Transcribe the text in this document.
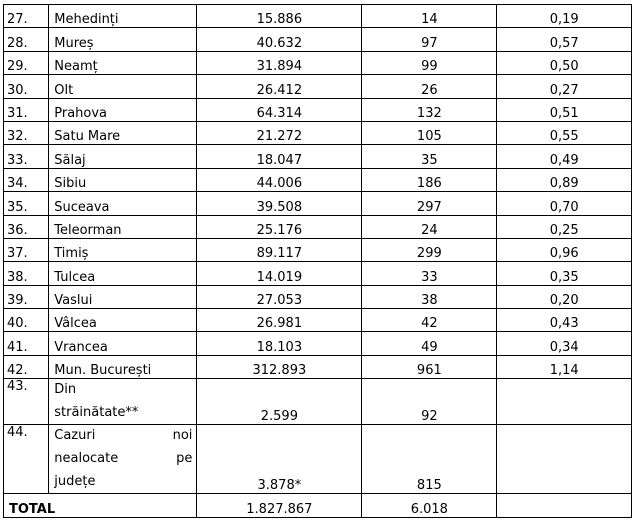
27.	Mehedinți	15.886	14	0,19
28.	Mureș	40.632	97	0,57
29.	Neamț	31.894	99	0,50
30.	Olt	26.412	26	0,27
31.	Prahova	64.314	132	0,51
32.	Satu Mare	21.272	105	0,55
33.	Sălaj	18.047	35	0,49
34.	Sibiu	44.006	186	0,89
35.	Suceava	39.508	297	0,70
36.	Teleorman	25.176	24	0,25
37.	Timiș	89.117	299	0,96
38.	Tulcea	14.019	33	0,35
39.	Vaslui	27.053	38	0,20
40.	Vâlcea	26.981	42	0,43
41.	Vrancea	18.103	49	0,34
42.	Mun. București	312.893	961	1,14
43.	Din
străinătate**	2.599	92	
44.	Cazuri noi
nealocate pe
județe	3.878*	815	
TOTAL		1.827.867	6.018	
